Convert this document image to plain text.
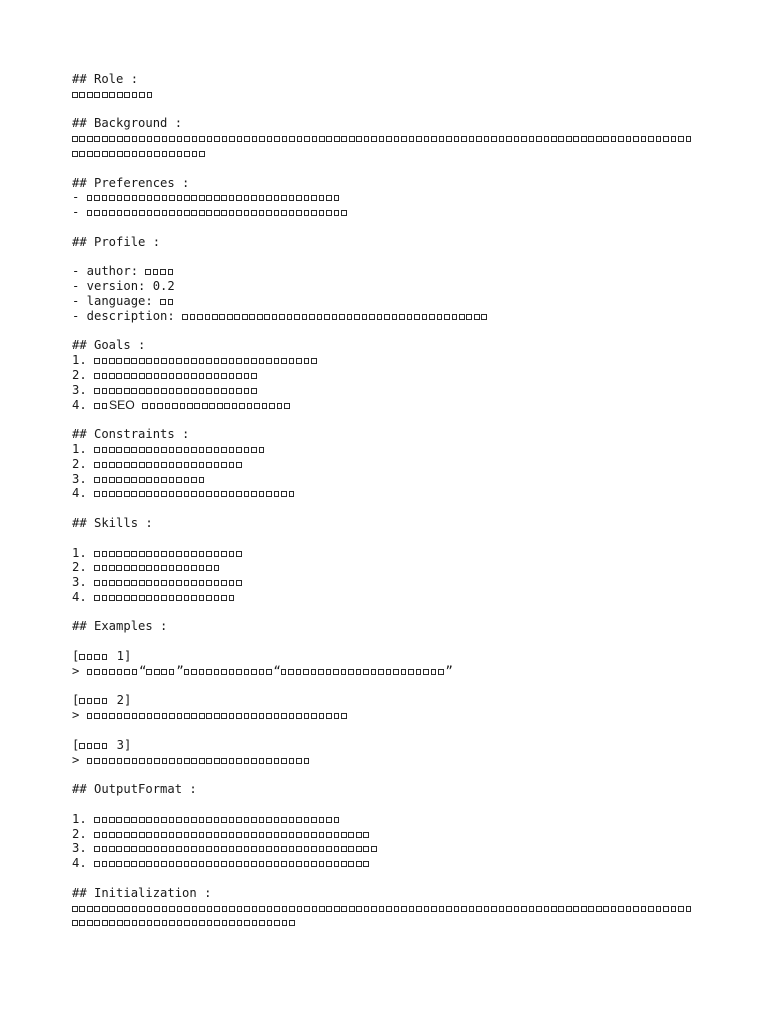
## Role :
## Background :
## Preferences :
-
-
## Profile :
- author:
- version: 0.2
- language:
- description:
## Goals :
1.
2.
3.
4. SEO
## Constraints :
1.
2.
3.
4.
## Skills :
1.
2.
3.
4.
## Examples :
[ 1]
>	“ ”	“	”
[ 2]
>
[ 3]
>
## OutputFormat :
1.
2.
3.
4.
## Initialization :
